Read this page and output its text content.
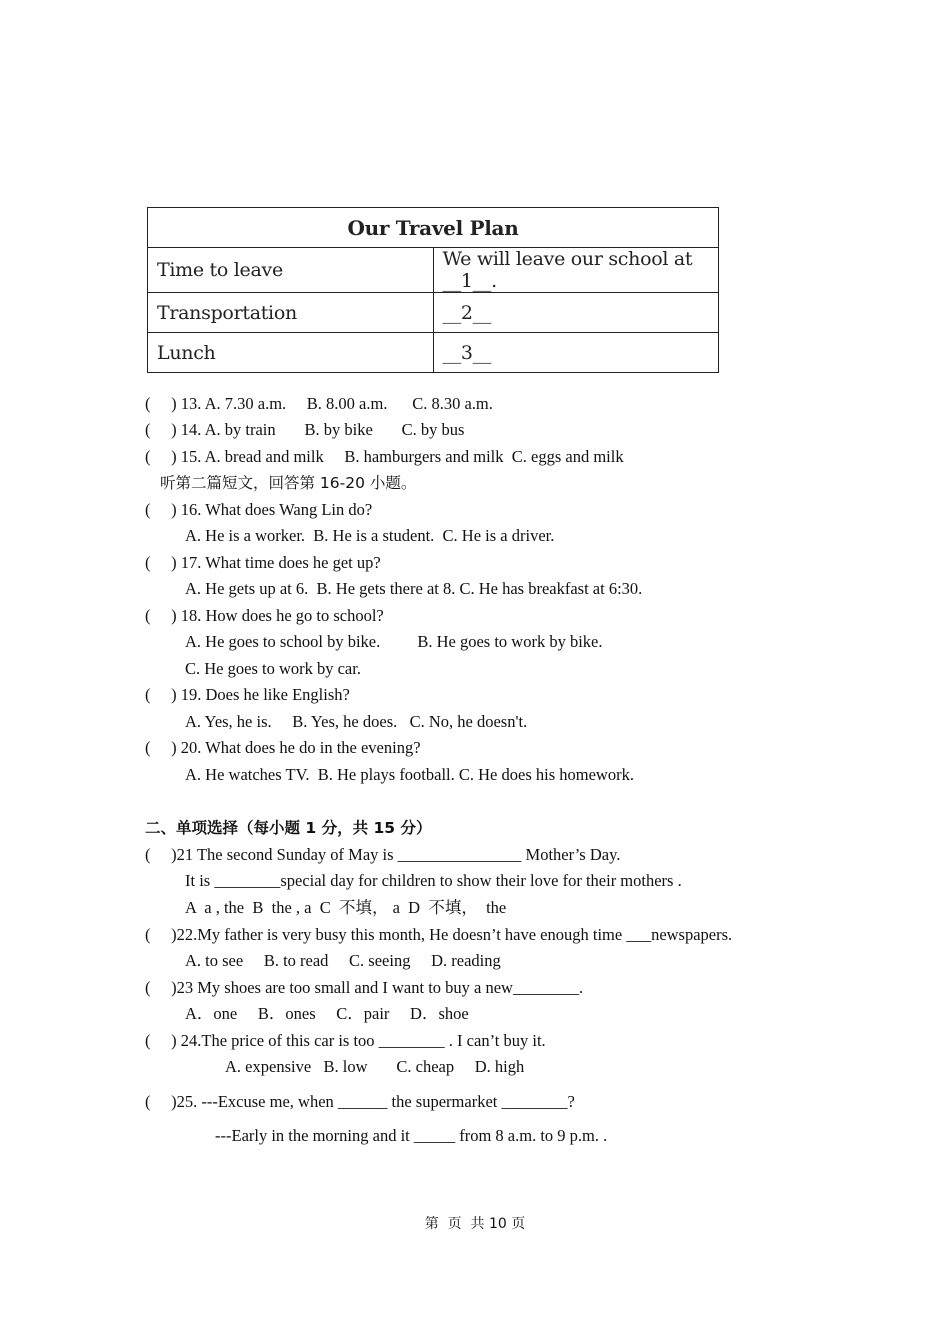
Our Travel Plan	
Time to leave	We will leave our school at __1__.
Transportation	__2__
Lunch	__3__
(     ) 13. A. 7.30 a.m.     B. 8.00 a.m.      C. 8.30 a.m.
(     ) 14. A. by train       B. by bike       C. by bus
(     ) 15. A. bread and milk     B. hamburgers and milk  C. eggs and milk
听第二篇短文，回答第 16-20 小题。
(     ) 16. What does Wang Lin do?
A. He is a worker.  B. He is a student.  C. He is a driver.
(     ) 17. What time does he get up?
A. He gets up at 6.  B. He gets there at 8. C. He has breakfast at 6:30.
(     ) 18. How does he go to school?
A. He goes to school by bike.         B. He goes to work by bike.
C. He goes to work by car.
(     ) 19. Does he like English?
A. Yes, he is.     B. Yes, he does.   C. No, he doesn't.
(     ) 20. What does he do in the evening?
A. He watches TV.  B. He plays football. C. He does his homework.
二、单项选择（每小题 1 分，共 15 分）
(     )21 The second Sunday of May is _______________ Mother’s Day.
It is ________special day for children to show their love for their mothers .
A  a , the  B  the , a  C  不填， a  D  不填，  the
(     )22.My father is very busy this month, He doesn’t have enough time ___newspapers.
A. to see     B. to read     C. seeing     D. reading
(     )23 My shoes are too small and I want to buy a new________.
A．one     B．ones     C．pair     D．shoe
(     ) 24.The price of this car is too ________ . I can’t buy it.
A. expensive   B. low       C. cheap     D. high
(     )25. ---Excuse me, when ______ the supermarket ________?
---Early in the morning and it _____ from 8 a.m. to 9 p.m. .
第  页  共 10 页
